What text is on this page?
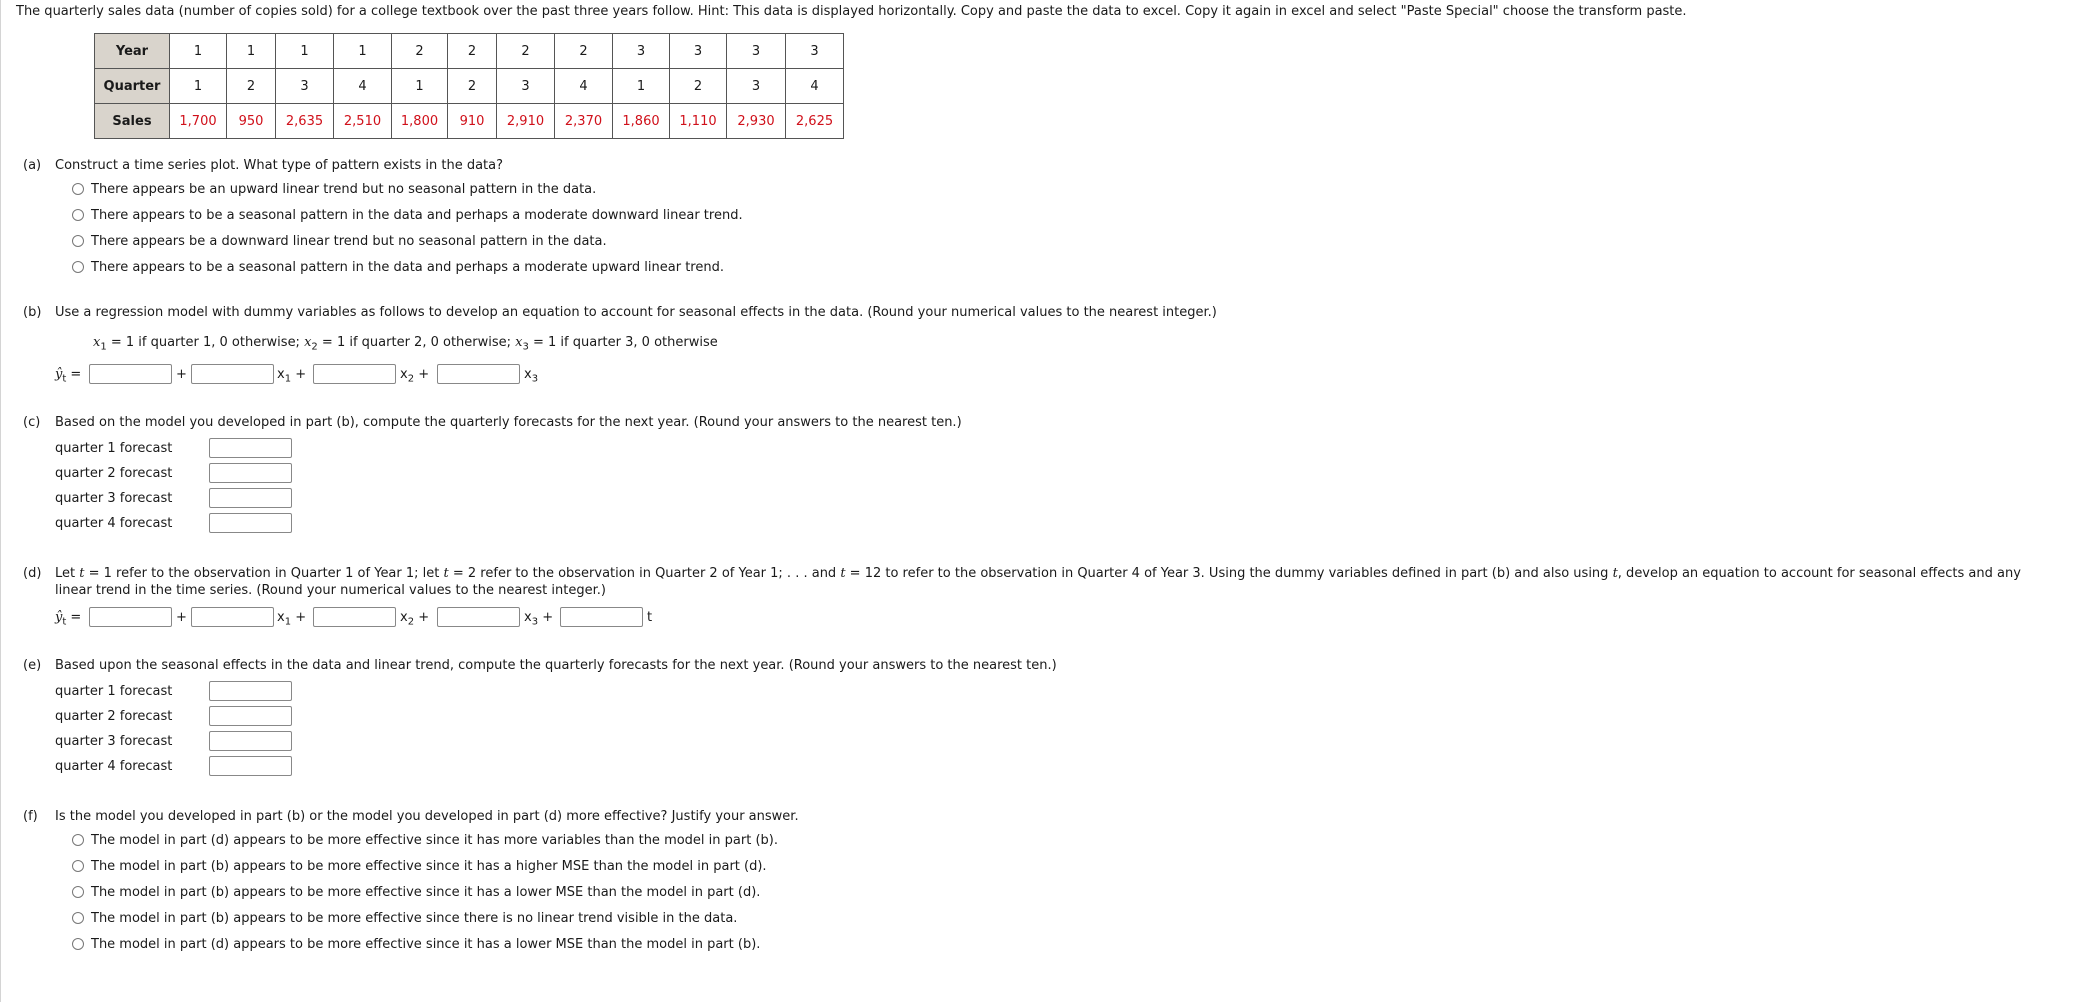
The quarterly sales data (number of copies sold) for a college textbook over the past three years follow. Hint: This data is displayed horizontally. Copy and paste the data to excel. Copy it again in excel and select "Paste Special" choose the transform paste.
Year	1	1	1	1	2	2	2	2	3	3	3	3
Quarter	1	2	3	4	1	2	3	4	1	2	3	4
Sales	1,700	950	2,635	2,510	1,800	910	2,910	2,370	1,860	1,110	2,930	2,625
(a) Construct a time series plot. What type of pattern exists in the data?
There appears be an upward linear trend but no seasonal pattern in the data.
There appears to be a seasonal pattern in the data and perhaps a moderate downward linear trend.
There appears be a downward linear trend but no seasonal pattern in the data.
There appears to be a seasonal pattern in the data and perhaps a moderate upward linear trend.
(b) Use a regression model with dummy variables as follows to develop an equation to account for seasonal effects in the data. (Round your numerical values to the nearest integer.)
$x_1 = 1$ if quarter 1, 0 otherwise; $x_2 = 1$ if quarter 2, 0 otherwise; $x_3 = 1$ if quarter 3, 0 otherwise
$ŷ_t$ =	+	$x_1$ +	$x_2$ +	$x_3$
(c) Based on the model you developed in part (b), compute the quarterly forecasts for the next year. (Round your answers to the nearest ten.)
quarter 1 forecast
quarter 2 forecast
quarter 3 forecast
quarter 4 forecast
(d) Let t = 1 refer to the observation in Quarter 1 of Year 1; let t = 2 refer to the observation in Quarter 2 of Year 1; . . . and t = 12 to refer to the observation in Quarter 4 of Year 3. Using the dummy variables defined in part (b) and also using t, develop an equation to account for seasonal effects and any
linear trend in the time series. (Round your numerical values to the nearest integer.)
$ŷ_t$ =	+	$x_1$ +	$x_2$ +	$x_3$ +	t
(e) Based upon the seasonal effects in the data and linear trend, compute the quarterly forecasts for the next year. (Round your answers to the nearest ten.)
quarter 1 forecast
quarter 2 forecast
quarter 3 forecast
quarter 4 forecast
(f) Is the model you developed in part (b) or the model you developed in part (d) more effective? Justify your answer.
The model in part (d) appears to be more effective since it has more variables than the model in part (b).
The model in part (b) appears to be more effective since it has a higher MSE than the model in part (d).
The model in part (b) appears to be more effective since it has a lower MSE than the model in part (d).
The model in part (b) appears to be more effective since there is no linear trend visible in the data.
The model in part (d) appears to be more effective since it has a lower MSE than the model in part (b).
